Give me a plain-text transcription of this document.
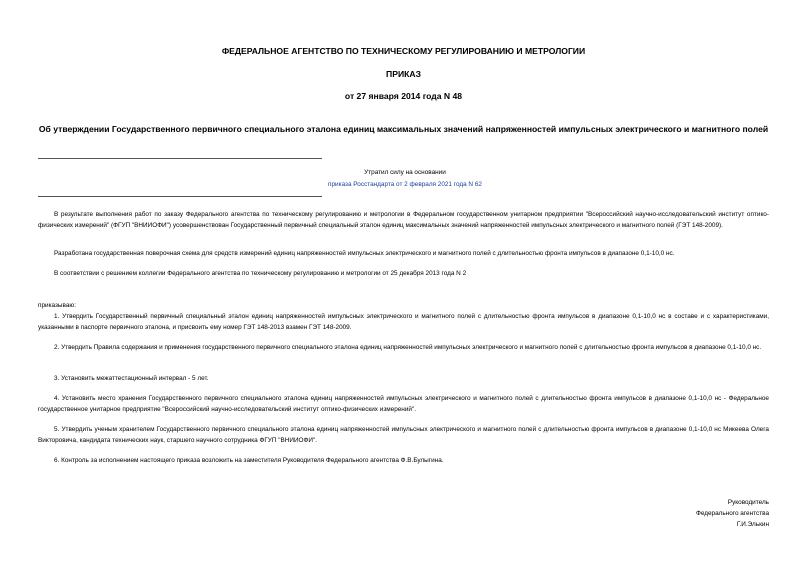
ФЕДЕРАЛЬНОЕ АГЕНТСТВО ПО ТЕХНИЧЕСКОМУ РЕГУЛИРОВАНИЮ И МЕТРОЛОГИИ
ПРИКАЗ
от 27 января 2014 года N 48
Об утверждении Государственного первичного специального эталона единиц максимальных значений напряженностей импульсных электрического и магнитного полей
Утратил силу на основании
приказа Росстандарта от 2 февраля 2021 года N 62
В результате выполнения работ по заказу Федерального агентства по техническому регулированию и метрологии в Федеральном государственном унитарном предприятии "Всероссийский научно-исследовательский институт оптико-физических измерений" (ФГУП "ВНИИОФИ") усовершенствован Государственный первичный специальный эталон единиц максимальных значений напряженностей импульсных электрического и магнитного полей (ГЭТ 148-2009).
Разработана государственная поверочная схема для средств измерений единиц напряженностей импульсных электрического и магнитного полей с длительностью фронта импульсов в диапазоне 0,1-10,0 нс.
В соответствии с решением коллегии Федерального агентства по техническому регулированию и метрологии от 25 декабря 2013 года N 2
приказываю:
1. Утвердить Государственный первичный специальный эталон единиц напряженностей импульсных электрического и магнитного полей с длительностью фронта импульсов в диапазоне 0,1-10,0 нс в составе и с характеристиками, указанными в паспорте первичного эталона, и присвоить ему номер ГЭТ 148-2013 взамен ГЭТ 148-2009.
2. Утвердить Правила содержания и применения государственного первичного специального эталона единиц напряженностей импульсных электрического и магнитного полей с длительностью фронта импульсов в диапазоне 0,1-10,0 нс.
3. Установить межаттестационный интервал - 5 лет.
4. Установить место хранения Государственного первичного специального эталона единиц напряженностей импульсных электрического и магнитного полей с длительностью фронта импульсов в диапазоне 0,1-10,0 нс - Федеральное государственное унитарное предприятие "Всероссийский научно-исследовательский институт оптико-физических измерений".
5. Утвердить ученым хранителем Государственного первичного специального эталона единиц напряженностей импульсных электрического и магнитного полей с длительностью фронта импульсов в диапазоне 0,1-10,0 нс Микеева Олега Викторовича, кандидата технических наук, старшего научного сотрудника ФГУП "ВНИИОФИ".
6. Контроль за исполнением настоящего приказа возложить на заместителя Руководителя Федерального агентства Ф.В.Булыгина.
Руководитель
Федерального агентства
Г.И.Элькин
